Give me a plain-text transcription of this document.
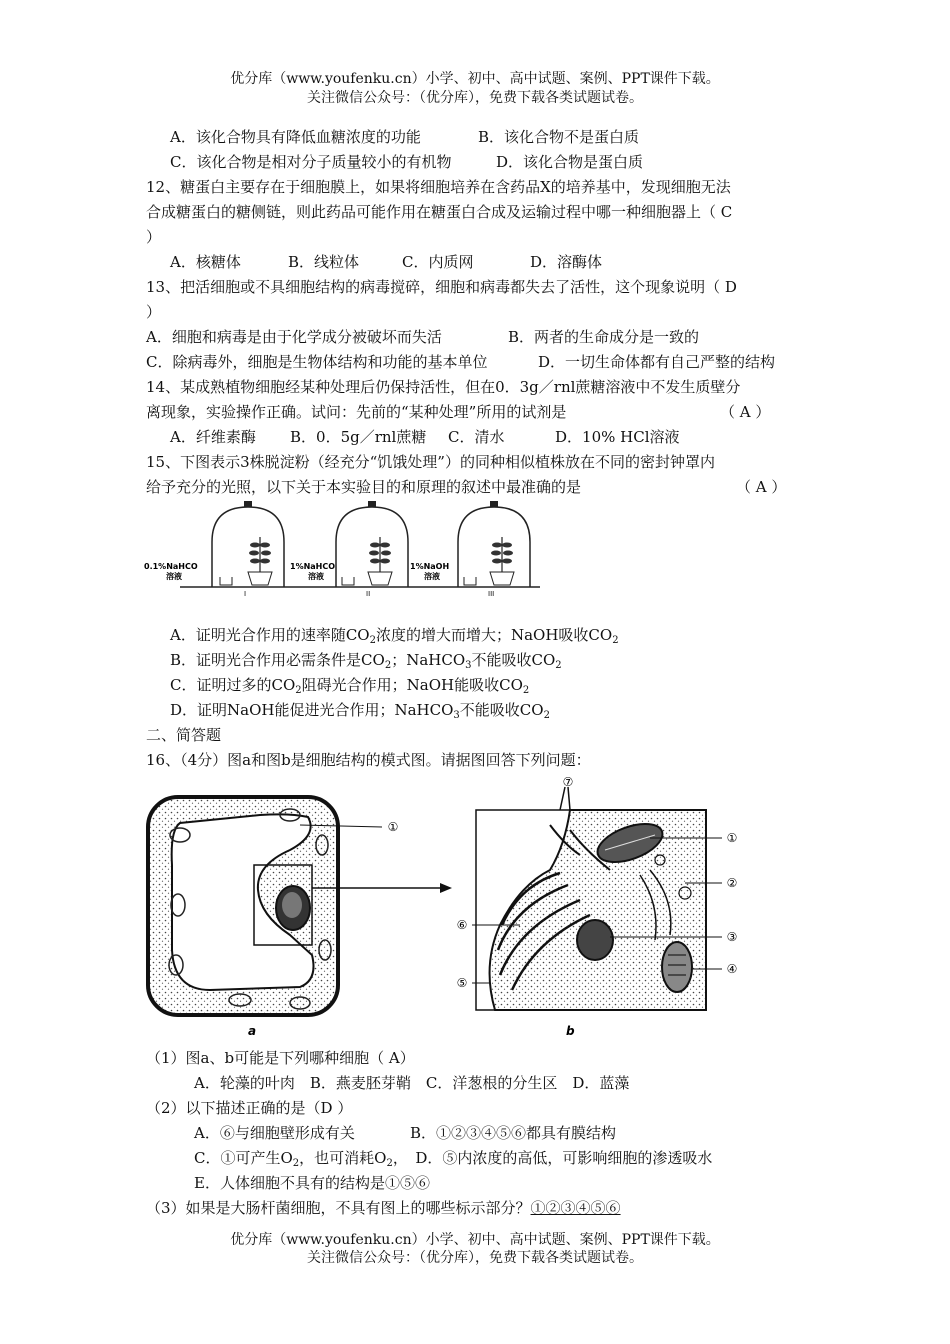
优分库（www.youfenku.cn）小学、初中、高中试题、案例、PPT课件下载。
关注微信公众号：（优分库），免费下载各类试题试卷。
A．该化合物具有降低血糖浓度的功能	B．该化合物不是蛋白质
C．该化合物是相对分子质量较小的有机物	D．该化合物是蛋白质
12、糖蛋白主要存在于细胞膜上，如果将细胞培养在含药品X的培养基中，发现细胞无法
合成糖蛋白的糖侧链，则此药品可能作用在糖蛋白合成及运输过程中哪一种细胞器上（ C
）
A．核糖体	B．线粒体	C．内质网	D．溶酶体
13、把活细胞或不具细胞结构的病毒搅碎，细胞和病毒都失去了活性，这个现象说明（ D
）
A．细胞和病毒是由于化学成分被破坏而失活	B．两者的生命成分是一致的
C．除病毒外，细胞是生物体结构和功能的基本单位	D．一切生命体都有自己严整的结构
14、某成熟植物细胞经某种处理后仍保持活性，但在0．3g／rnl蔗糖溶液中不发生质壁分
离现象，实验操作正确。试问：先前的“某种处理”所用的试剂是	（ A ）
A．纤维素酶 B．0．5g／rnl蔗糖 C．清水	D．10% HCl溶液
15、下图表示3株脱淀粉（经充分“饥饿处理”）的同种相似植株放在不同的密封钟罩内
给予充分的光照，以下关于本实验目的和原理的叙述中最准确的是	（ A ）
0.1%NaHCO
溶液
I
1%NaHCO
溶液
II
1%NaOH
溶液
III
A．证明光合作用的速率随$CO_2$浓度的增大而增大；NaOH吸收$CO_2$
B．证明光合作用必需条件是$CO_2$；NaHCO$_3$不能吸收$CO_2$
C．证明过多的$CO_2$阻碍光合作用；NaOH能吸收$CO_2$
D．证明NaOH能促进光合作用；NaHCO$_3$不能吸收$CO_2$
二、简答题
16、（4分）图a和图b是细胞结构的模式图。请据图回答下列问题：
a
①
b
①
②
③
④
⑤
⑥
⑦
（1）图a、b可能是下列哪种细胞（ A）
A．轮藻的叶肉　B．燕麦胚芽鞘　C．洋葱根的分生区　D．蓝藻
（2）以下描述正确的是（D ）
A．⑥与细胞壁形成有关	B．①②③④⑤⑥都具有膜结构
C．①可产生$O_2$，也可消耗$O_2$，　D．⑤内浓度的高低，可影响细胞的渗透吸水
E．人体细胞不具有的结构是①⑤⑥
（3）如果是大肠杆菌细胞，不具有图上的哪些标示部分？①②③④⑤⑥
优分库（www.youfenku.cn）小学、初中、高中试题、案例、PPT课件下载。
关注微信公众号：（优分库），免费下载各类试题试卷。
